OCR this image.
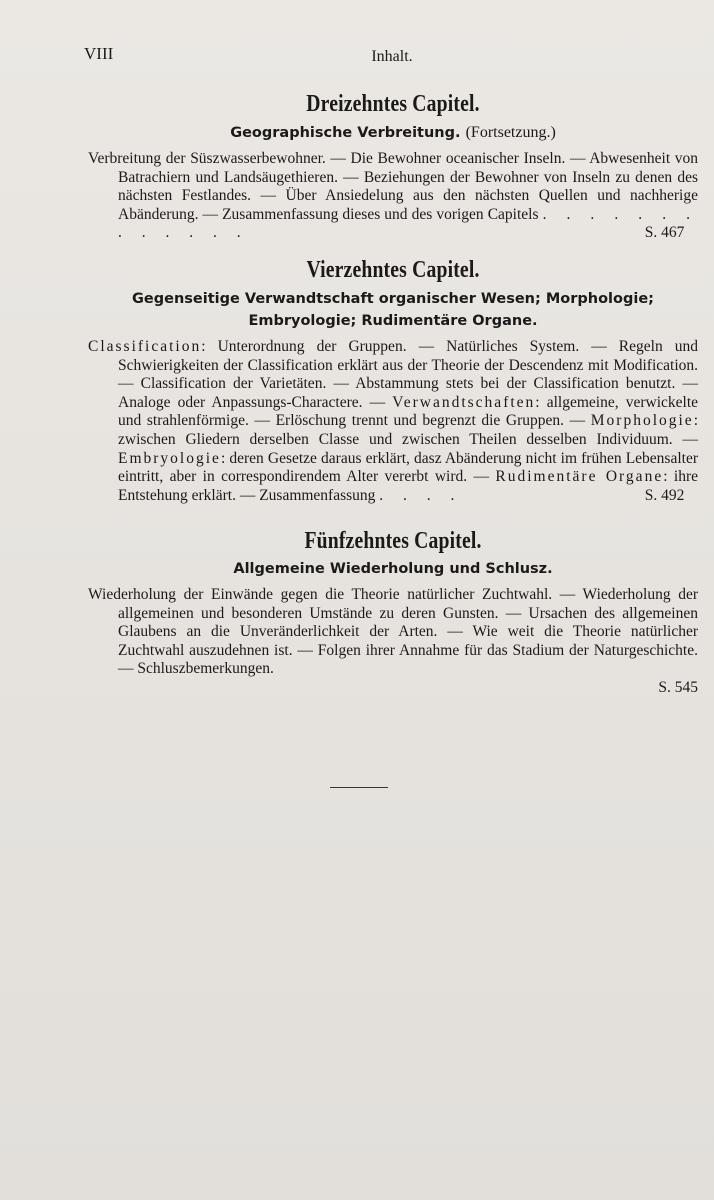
VIII	Inhalt.
Dreizehntes Capitel.
Geographische Verbreitung. (Fortsetzung.)
Verbreitung der Süszwasserbewohner. — Die Bewohner oceanischer Inseln. — Abwesenheit von Batrachiern und Landsäugethieren. — Beziehungen der Bewohner von Inseln zu denen des nächsten Festlandes. — Über Ansiedelung aus den nächsten Quellen und nachherige Abänderung. — Zusammenfassung dieses und des vorigen Capitels . . . . . . . . . . . . .	S. 467
Vierzehntes Capitel.
Gegenseitige Verwandtschaft organischer Wesen; Morphologie;
Embryologie; Rudimentäre Organe.
Classification: Unterordnung der Gruppen. — Natürliches System. — Regeln und Schwierigkeiten der Classification erklärt aus der Theorie der Descendenz mit Modification. — Classification der Varietäten. — Abstammung stets bei der Classification benutzt. — Analoge oder Anpassungs-Charactere. — Verwandtschaften: allgemeine, verwickelte und strahlenförmige. — Erlöschung trennt und begrenzt die Gruppen. — Morphologie: zwischen Gliedern derselben Classe und zwischen Theilen desselben Individuum. — Embryologie: deren Gesetze daraus erklärt, dasz Abänderung nicht im frühen Lebensalter eintritt, aber in correspondirendem Alter vererbt wird. — Rudimentäre Organe: ihre Entstehung erklärt. — Zusammenfassung . . . .	S. 492
Fünfzehntes Capitel.
Allgemeine Wiederholung und Schlusz.
Wiederholung der Einwände gegen die Theorie natürlicher Zuchtwahl. — Wiederholung der allgemeinen und besonderen Umstände zu deren Gunsten. — Ursachen des allgemeinen Glaubens an die Unveränderlichkeit der Arten. — Wie weit die Theorie natürlicher Zuchtwahl auszudehnen ist. — Folgen ihrer Annahme für das Stadium der Naturgeschichte. — Schluszbemerkungen.
S. 545
